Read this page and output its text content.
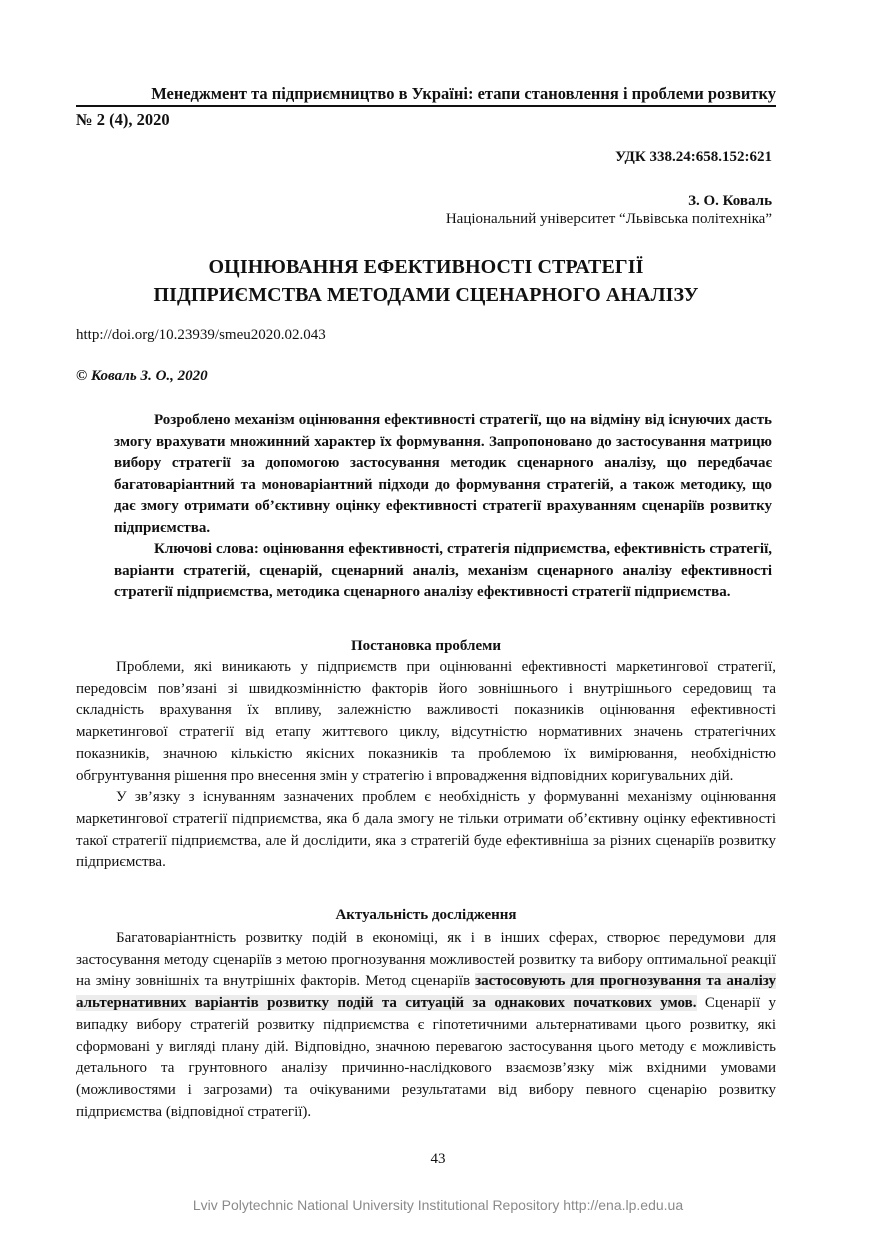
Менеджмент та підприємництво в Україні: етапи становлення і проблеми розвитку
№ 2 (4), 2020
УДК 338.24:658.152:621
З. О. Коваль
Національний університет “Львівська політехніка”
ОЦІНЮВАННЯ ЕФЕКТИВНОСТІ СТРАТЕГІЇ
ПІДПРИЄМСТВА МЕТОДАМИ СЦЕНАРНОГО АНАЛІЗУ
http://doi.org/10.23939/smeu2020.02.043
© Коваль З. О., 2020

Розроблено механізм оцінювання ефективності стратегії, що на відміну від існуючих дасть змогу врахувати множинний характер їх формування. Запропоновано до застосування матрицю вибору стратегії за допомогою застосування методик сценарного аналізу, що передбачає багатоваріантний та моноваріантний підходи до формування стратегій, а також методику, що дає змогу отримати об’єктивну оцінку ефективності стратегії врахуванням сценаріїв розвитку підприємства.

Ключові слова: оцінювання ефективності, стратегія підприємства, ефективність стратегії, варіанти стратегій, сценарій, сценарний аналіз, механізм сценарного аналізу ефективності стратегії підприємства, методика сценарного аналізу ефективності стратегії підприємства.

Постановка проблеми

Проблеми, які виникають у підприємств при оцінюванні ефективності маркетингової стратегії, передовсім пов’язані зі швидкозмінністю факторів його зовнішнього і внутрішнього середовищ та складність врахування їх впливу, залежністю важливості показників оцінювання ефективності маркетингової стратегії від етапу життєвого циклу, відсутністю нормативних значень стратегічних показників, значною кількістю якісних показників та проблемою їх вимірювання, необхідністю обгрунтування рішення про внесення змін у стратегію і впровадження відповідних коригувальних дій.

У зв’язку з існуванням зазначених проблем є необхідність у формуванні механізму оцінювання маркетингової стратегії підприємства, яка б дала змогу не тільки отримати об’єктивну оцінку ефективності такої стратегії підприємства, але й дослідити, яка з стратегій буде ефективніша за різних сценаріїв розвитку підприємства.

Актуальність дослідження

Багатоваріантність розвитку подій в економіці, як і в інших сферах, створює передумови для застосування методу сценаріїв з метою прогнозування можливостей розвитку та вибору оптимальної реакції на зміну зовнішніх та внутрішніх факторів. Метод сценаріїв застосовують для прогнозування та аналізу альтернативних варіантів розвитку подій та ситуацій за однакових початкових умов. Сценарії у випадку вибору стратегій розвитку підприємства є гіпотетичними альтернативами цього розвитку, які сформовані у вигляді плану дій. Відповідно, значною перевагою застосування цього методу є можливість детального та грунтовного аналізу причинно-наслідкового взаємозв’язку між вхідними умовами (можливостями і загрозами) та очікуваними результатами від вибору певного сценарію розвитку підприємства (відповідної стратегії).

43
Lviv Polytechnic National University Institutional Repository http://ena.lp.edu.ua
